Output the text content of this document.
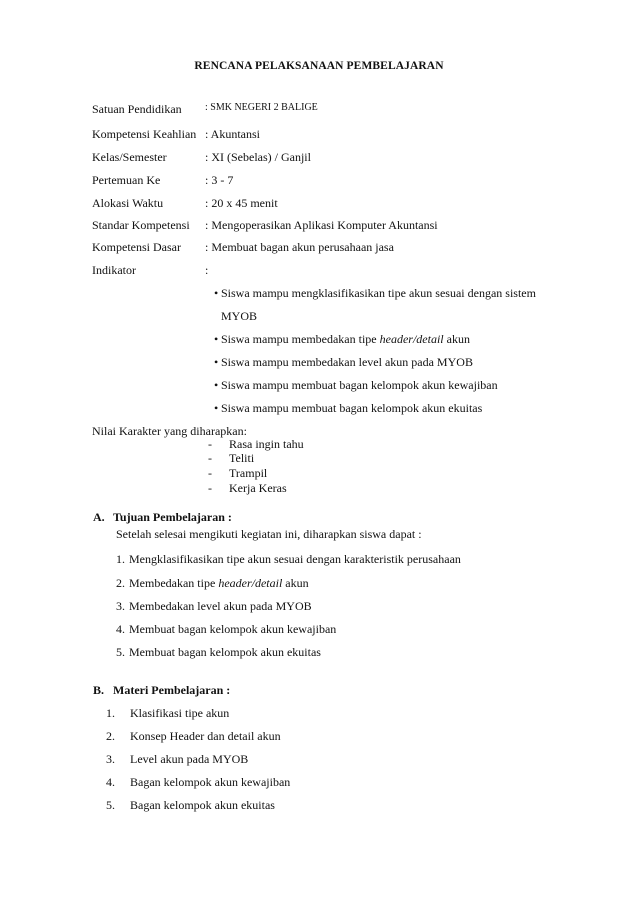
RENCANA PELAKSANAAN PEMBELAJARAN
Satuan Pendidikan : SMK NEGERI 2 BALIGE
Kompetensi Keahlian : Akuntansi
Kelas/Semester	: XI (Sebelas) / Ganjil
Pertemuan Ke	: 3 - 7
Alokasi Waktu	: 20 x 45 menit
Standar Kompetensi : Mengoperasikan Aplikasi Komputer Akuntansi
Kompetensi Dasar : Membuat bagan akun perusahaan jasa
Indikator	:
• Siswa mampu mengklasifikasikan tipe akun sesuai dengan sistem
MYOB
• Siswa mampu membedakan tipe header/detail akun
• Siswa mampu membedakan level akun pada MYOB
• Siswa mampu membuat bagan kelompok akun kewajiban
• Siswa mampu membuat bagan kelompok akun ekuitas
Nilai Karakter yang diharapkan:
- Rasa ingin tahu
- Teliti
- Trampil
- Kerja Keras
A. Tujuan Pembelajaran :
Setelah selesai mengikuti kegiatan ini, diharapkan siswa dapat :
1. Mengklasifikasikan tipe akun sesuai dengan karakteristik perusahaan
2. Membedakan tipe header/detail akun
3. Membedakan level akun pada MYOB
4. Membuat bagan kelompok akun kewajiban
5. Membuat bagan kelompok akun ekuitas
B. Materi Pembelajaran :
1. Klasifikasi tipe akun
2. Konsep Header dan detail akun
3. Level akun pada MYOB
4. Bagan kelompok akun kewajiban
5. Bagan kelompok akun ekuitas
